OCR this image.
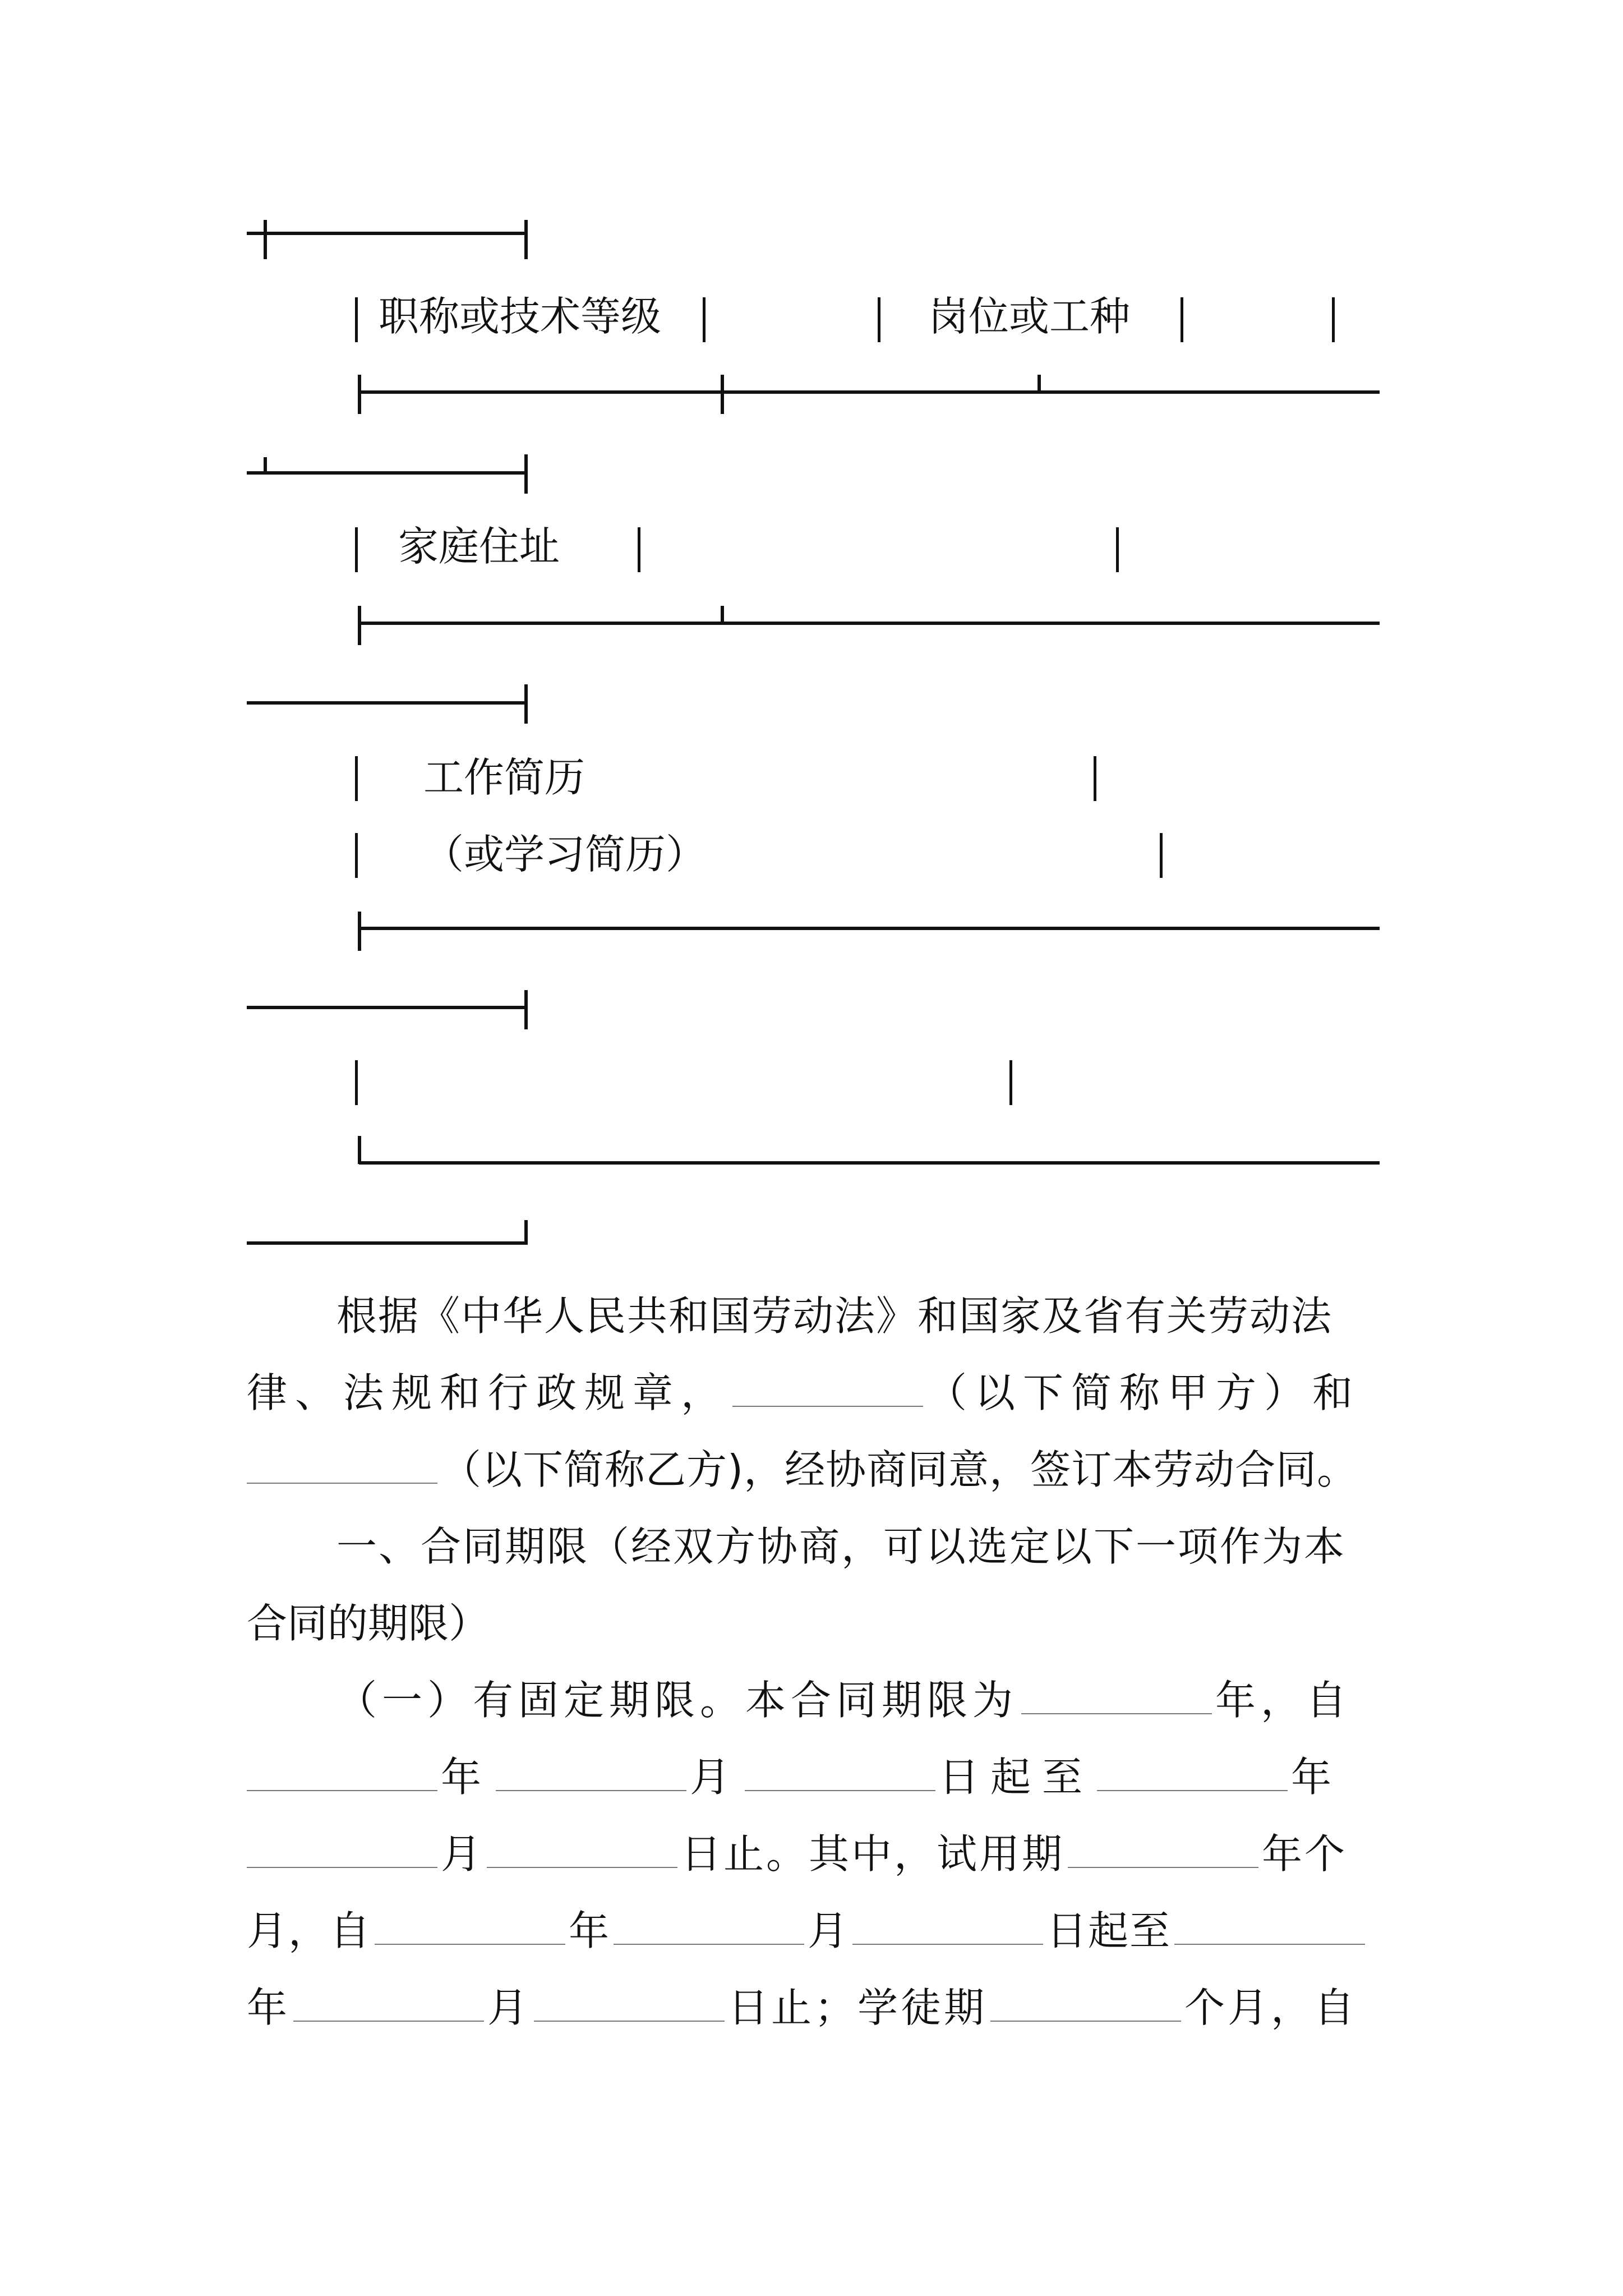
职称或技术等级	岗位或工种
家庭住址
工作简历
（或学习简历）
根据《中华人民共和国劳动法》和国家及省有关劳动法
律、法规和行政规章，	（以下简称甲方）和
（以下简称乙方)，经协商同意，签订本劳动合同。
一、合同期限（经双方协商，可以选定以下一项作为本
合同的期限）
（一）有固定期限。本合同期限为	年，自
年	月	日起至	年
月	日止。其中，试用期	年个
月，自	年	月	日起至
年	月	日止；学徒期	个月，自
